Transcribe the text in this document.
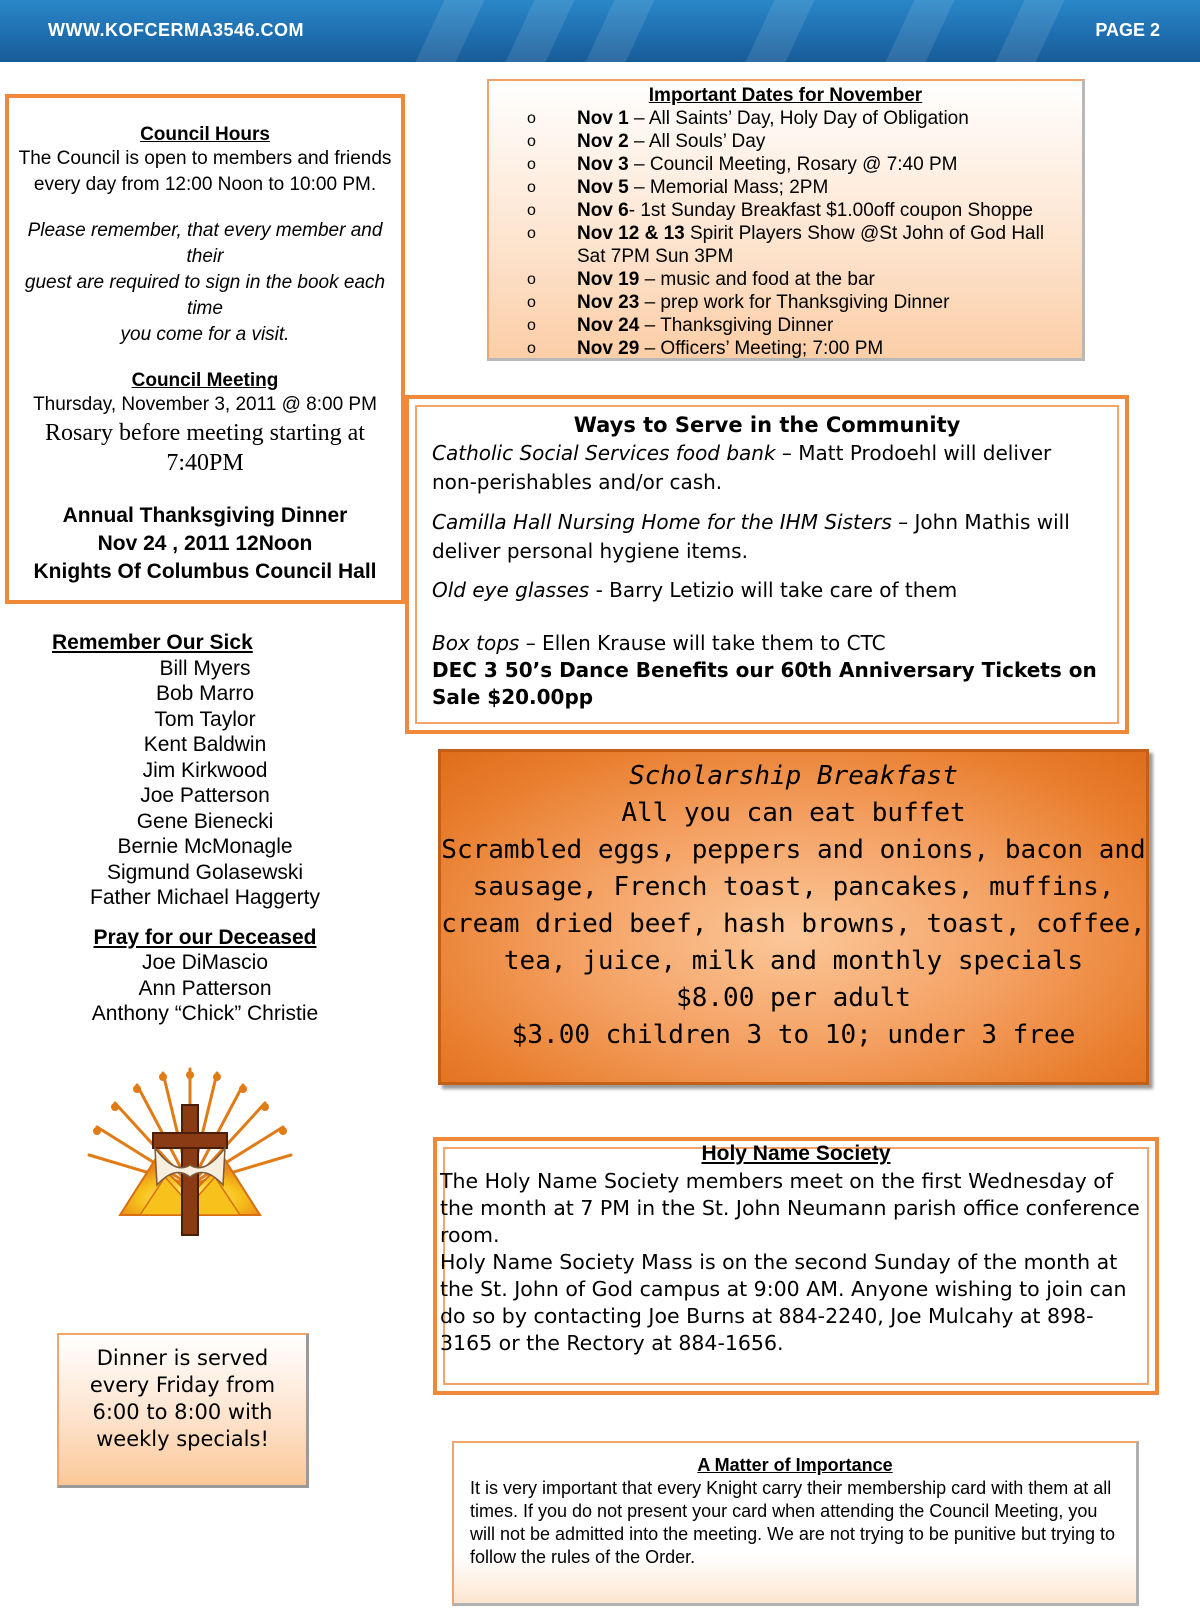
WWW.KOFCERMA3546.COM	PAGE 2
Council Hours
The Council is open to members and friends
every day from 12:00 Noon to 10:00 PM.
Please remember, that every member and their
guest are required to sign in the book each time
you come for a visit.
Council Meeting
Thursday, November 3, 2011 @ 8:00 PM
Rosary before meeting starting at
7:40PM
Annual Thanksgiving Dinner
Nov 24 , 2011 12Noon
Knights Of Columbus Council Hall
Important Dates for November
o Nov 1 – All Saints’ Day, Holy Day of Obligation
o Nov 2 – All Souls’ Day
o Nov 3 – Council Meeting, Rosary @ 7:40 PM
o Nov 5 – Memorial Mass; 2PM
o Nov 6- 1st Sunday Breakfast $1.00off coupon Shoppe
o Nov 12 & 13 Spirit Players Show @St John of God Hall
Sat 7PM Sun 3PM
o Nov 19 – music and food at the bar
o Nov 23 – prep work for Thanksgiving Dinner
o Nov 24 – Thanksgiving Dinner
o Nov 29 – Officers’ Meeting; 7:00 PM
Ways to Serve in the Community
Catholic Social Services food bank – Matt Prodoehl will deliver non-perishables and/or cash.
Camilla Hall Nursing Home for the IHM Sisters – John Mathis will deliver personal hygiene items.
Old eye glasses - Barry Letizio will take care of them
Box tops – Ellen Krause will take them to CTC
DEC 3 50’s Dance Benefits our 60th Anniversary Tickets on Sale $20.00pp
Scholarship Breakfast
All you can eat buffet
Scrambled eggs, peppers and onions, bacon and sausage, French toast, pancakes, muffins, cream dried beef, hash browns, toast, coffee, tea, juice, milk and monthly specials
$8.00 per adult
$3.00 children 3 to 10; under 3 free
Remember Our Sick
Bill Myers
Bob Marro
Tom Taylor
Kent Baldwin
Jim Kirkwood
Joe Patterson
Gene Bienecki
Bernie McMonagle
Sigmund Golasewski
Father Michael Haggerty
Pray for our Deceased
Joe DiMascio
Ann Patterson
Anthony “Chick” Christie
Dinner is served
every Friday from
6:00 to 8:00 with
weekly specials!
Holy Name Society
The Holy Name Society members meet on the first Wednesday of the month at 7 PM in the St. John Neumann parish office conference room.
Holy Name Society Mass is on the second Sunday of the month at the St. John of God campus at 9:00 AM. Anyone wishing to join can do so by contacting Joe Burns at 884-2240, Joe Mulcahy at 898-3165 or the Rectory at 884-1656.
A Matter of Importance
It is very important that every Knight carry their membership card with them at all times. If you do not present your card when attending the Council Meeting, you will not be admitted into the meeting. We are not trying to be punitive but trying to follow the rules of the Order.
